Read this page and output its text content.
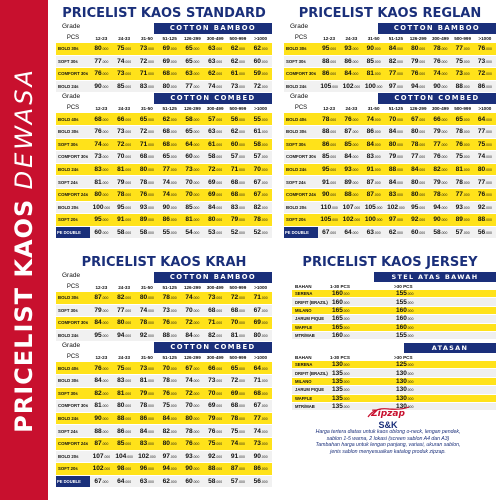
PRICELIST KAOS DEWASA
PRICELIST KAOS STANDARD
Grade	COTTON BAMBOO
PCS	12-23	24-33	31-50	51-125	126-299	300-499	500-999	>1000
BOLD 30s	80.000	75.000	73.000	69.000	65.000	63.000	62.000	62.000
SOFT 30s	77.000	74.000	72.000	69.000	65.000	63.000	62.000	60.000
COMFORT 30s 76.000	73.000	71.000	68.000	63.000	62.000	61.000	59.000
BOLD 24s	90.000	85.000	83.000	80.000	77.000	74.000	73.000	72.000
Grade	COTTON COMBED
PCS	12-23	24-33	31-50	51-125	126-299	300-499	500-999	>1000
BOLD 40s	68.000	66.000	65.000	62.000	58.000	57.000	56.000	55.000
BOLD 30s	76.000	73.000	72.000	68.000	65.000	63.000	62.000	61.000
SOFT 30s	74.000	72.000	71.000	68.000	64.000	61.000	60.000	58.000
COMFORT 30s 73.000	70.000	68.000	65.000	60.000	58.000	57.000	57.000
BOLD 24s	83.000	81.000	80.000	77.000	73.000	72.000	71.000	70.000
SOFT 24s	81.000	79.000	78.000	74.000	70.000	69.000	68.000	67.000
COMFORT 24s 80.000	78.000	76.000	74.000	70.000	69.000	68.000	67.000
BOLD 20s	100.000	95.000	93.000	90.000	85.000	84.000	83.000	82.000
SOFT 20s	95.000	91.000	89.000	86.000	81.000	80.000	79.000	78.000
PE DOUBLE	60.000	58.000	58.000	55.000	54.000	53.000	52.000	52.000
PRICELIST KAOS REGLAN
Grade	COTTON BAMBOO
PCS	12-23	24-33	31-50	51-125	126-299	300-499	500-999	>1000
BOLD 30s	95.000	93.000	90.000	84.000	80.000	78.000	77.000	76.000
SOFT 30s	88.000	86.000	85.000	82.000	79.000	76.000	75.000	73.000
COMFORT 30s 86.000	84.000	81.000	77.000	76.000	74.000	73.000	72.000
BOLD 24s	105.000 102.000 100.000 97.000	94.000	90.000	88.000	86.000
Grade	COTTON COMBED
PCS	12-23	24-33	31-50	51-125	126-299	300-499	500-999	>1000
BOLD 40s	78.000	76.000	74.000	70.000	67.000	66.000	65.000	64.000
BOLD 30s	88.000	87.000	86.000	84.000	80.000	79.000	78.000	77.000
SOFT 30s	86.000	85.000	84.000	80.000	78.000	77.000	76.000	75.000
COMFORT 30s 85.000	84.000	83.000	79.000	77.000	76.000	75.000	74.000
BOLD 24s	95.000	93.000	91.000	88.000	84.000	82.000	81.000	80.000
SOFT 24s	91.000	89.000	87.000	84.000	80.000	79.000	78.000	77.000
COMFORT 24s 90.000	88.000	87.000	83.000	80.000	78.000	77.000	76.000
BOLD 20s	110.000 107.000 105.000 102.000 95.000	94.000	93.000	92.000
SOFT 20s	105.000 102.000 100.000 97.000	92.000	90.000	89.000	88.000
PE DOUBLE	67.000	64.000	63.000	62.000	60.000	58.000	57.000	56.000
PRICELIST KAOS KRAH
Grade	COTTON BAMBOO
PCS	12-23	24-33	31-50	51-125	126-299	300-499	500-999	>1000
BOLD 30s	87.000	82.000	80.000	78.000	74.000	73.000	72.000	71.000
SOFT 30s	79.000	77.000	74.000	73.000	70.000	68.000	68.000	67.000
COMFORT 30s 84.000	80.000	78.000	76.000	72.000	71.000	70.000	69.000
BOLD 24s	95.000	94.000	92.000	88.000	84.000	82.000	81.000	80.000
Grade	COTTON COMBED
PCS	12-23	24-33	31-50	51-125	126-299	300-499	500-999	>1000
BOLD 40s	76.000	75.000	73.000	70.000	67.000	66.000	65.000	64.000
BOLD 30s	84.000	83.000	81.000	78.000	74.000	73.000	72.000	71.000
SOFT 30s	82.000	81.000	79.000	76.000	72.000	70.000	69.000	68.000
COMFORT 30s 81.000	80.000	78.000	75.000	70.000	69.000	68.000	67.000
BOLD 24s	90.000	88.000	86.000	84.000	80.000	79.000	78.000	77.000
SOFT 24s	88.000	86.000	84.000	82.000	78.000	76.000	75.000	74.000
COMFORT 24s 87.000	85.000	83.000	80.000	76.000	75.000	74.000	73.000
BOLD 20s	107.000 104.000 102.000	97.000	93.000	92.000	91.000	90.000
SOFT 20s	102.000	98.000	96.000	94.000	90.000	88.000	87.000	86.000
PE DOUBLE	67.000	64.000	63.000	62.000	60.000	58.000	57.000	56.000
PRICELIST KAOS JERSEY
STEL ATAS BAWAH
BAHAN	1-30 PCS	>30 PCS
SERENA	160.000	155.000
DRIFIT (BRAZIL) 160.000	155.000
MILANO	165.000	160.000
JARUM PIQUE	165.000	160.000
WAFFLE	165.000	160.000
MTR/MAB	160.000	155.000
ATASAN
BAHAN	1-30 PCS	>30 PCS
SERENA	130.000	125.000
DRIFIT (BRAZIL) 135.000	130.000
MILANO	135.000	130.000
JARUM PIQUE	135.000	130.000
WAFFLE	135.000	130.000
MTR/MAB	135.000	130.000
Zipzap
S&K
Harga tertera diatas untuk kaos oblong o-neck, lengan pendek,
sablon 1-5 warna, 2 lokasi (screen sablon A4 dan A3)
Tambahan harga untuk lengan panjang, variasi, ukuran sablon,
jenis sablon menyesuaikan katalog produk zipzap.
